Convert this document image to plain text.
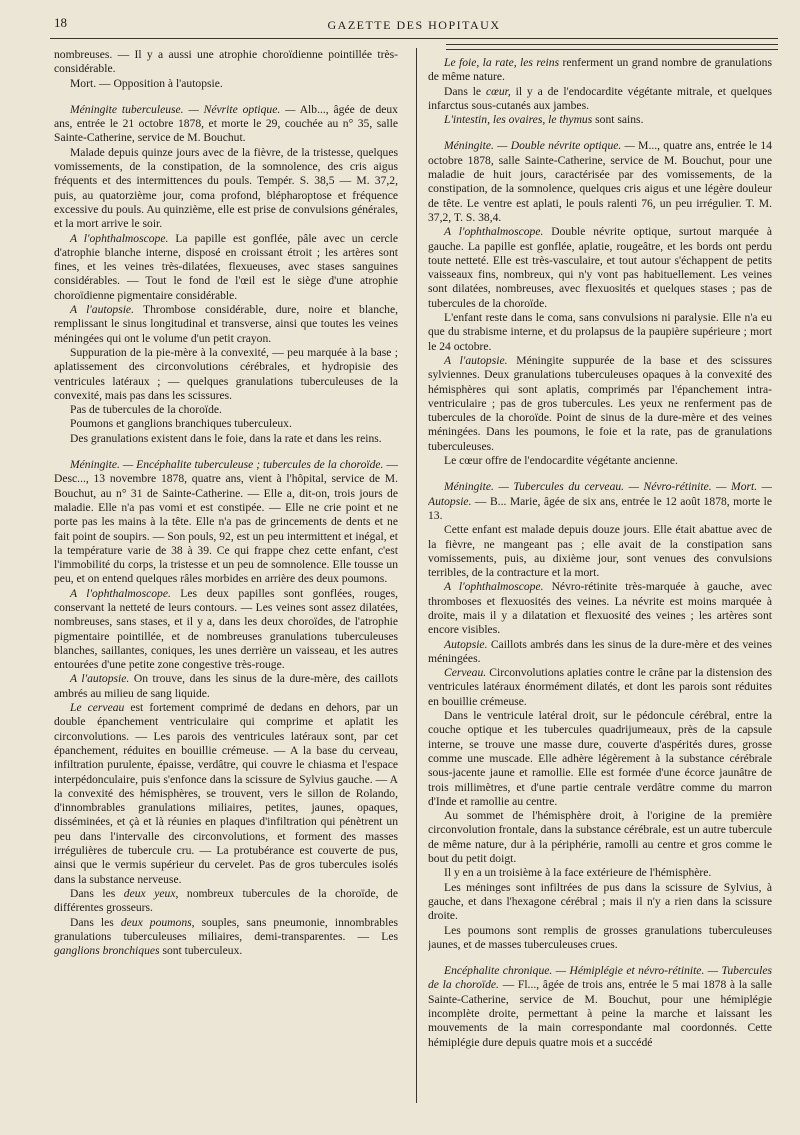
18	GAZETTE DES HOPITAUX

nombreuses. — Il y a aussi une atrophie choroïdienne pointillée très-considérable.

Mort. — Opposition à l'autopsie.

Méningite tuberculeuse. — Névrite optique. — Alb..., âgée de deux ans, entrée le 21 octobre 1878, et morte le 29, couchée au n° 35, salle Sainte-Catherine, service de M. Bouchut.

Malade depuis quinze jours avec de la fièvre, de la tristesse, quelques vomissements, de la constipation, de la somnolence, des cris aigus fréquents et des intermittences du pouls. Tempér. S. 38,5 — M. 37,2, puis, au quatorzième jour, coma profond, blépharoptose et fréquence excessive du pouls. Au quinzième, elle est prise de convulsions générales, et la mort arrive le soir.

A l'ophthalmoscope. La papille est gonflée, pâle avec un cercle d'atrophie blanche interne, disposé en croissant étroit ; les artères sont fines, et les veines très-dilatées, flexueuses, avec stases sanguines considérables. — Tout le fond de l'œil est le siège d'une atrophie choroïdienne pigmentaire considérable.

A l'autopsie. Thrombose considérable, dure, noire et blanche, remplissant le sinus longitudinal et transverse, ainsi que toutes les veines méningées qui ont le volume d'un petit crayon.

Suppuration de la pie-mère à la convexité, — peu marquée à la base ; aplatissement des circonvolutions cérébrales, et hydropisie des ventricules latéraux ; — quelques granulations tuberculeuses de la convexité, mais pas dans les scissures.

Pas de tubercules de la choroïde.

Poumons et ganglions branchiques tuberculeux.

Des granulations existent dans le foie, dans la rate et dans les reins.

Méningite. — Encéphalite tuberculeuse ; tubercules de la choroïde. — Desc..., 13 novembre 1878, quatre ans, vient à l'hôpital, service de M. Bouchut, au n° 31 de Sainte-Catherine. — Elle a, dit-on, trois jours de maladie. Elle n'a pas vomi et est constipée. — Elle ne crie point et ne porte pas les mains à la tête. Elle n'a pas de grincements de dents et ne fait point de soupirs. — Son pouls, 92, est un peu intermittent et inégal, et la température varie de 38 à 39. Ce qui frappe chez cette enfant, c'est l'immobilité du corps, la tristesse et un peu de somnolence. Elle tousse un peu, et on entend quelques râles morbides en arrière des deux poumons.

A l'ophthalmoscope. Les deux papilles sont gonflées, rouges, conservant la netteté de leurs contours. — Les veines sont assez dilatées, nombreuses, sans stases, et il y a, dans les deux choroïdes, de l'atrophie pigmentaire pointillée, et de nombreuses granulations tuberculeuses blanches, saillantes, coniques, les unes derrière un vaisseau, et les autres entourées d'une petite zone congestive très-rouge.

A l'autopsie. On trouve, dans les sinus de la dure-mère, des caillots ambrés au milieu de sang liquide.

Le cerveau est fortement comprimé de dedans en dehors, par un double épanchement ventriculaire qui comprime et aplatit les circonvolutions. — Les parois des ventricules latéraux sont, par cet épanchement, réduites en bouillie crémeuse. — A la base du cerveau, infiltration purulente, épaisse, verdâtre, qui couvre le chiasma et l'espace interpédonculaire, puis s'enfonce dans la scissure de Sylvius gauche. — A la convexité des hémisphères, se trouvent, vers le sillon de Rolando, d'innombrables granulations miliaires, petites, jaunes, opaques, disséminées, et çà et là réunies en plaques d'infiltration qui pénètrent un peu dans l'intervalle des circonvolutions, et forment des masses irrégulières de tubercule cru. — La protubérance est couverte de pus, ainsi que le vermis supérieur du cervelet. Pas de gros tubercules isolés dans la substance nerveuse.

Dans les deux yeux, nombreux tubercules de la choroïde, de différentes grosseurs.

Dans les deux poumons, souples, sans pneumonie, innombrables granulations tuberculeuses miliaires, demi-transparentes. — Les ganglions bronchiques sont tuberculeux.

Le foie, la rate, les reins renferment un grand nombre de granulations de même nature.

Dans le cœur, il y a de l'endocardite végétante mitrale, et quelques infarctus sous-cutanés aux jambes.

L'intestin, les ovaires, le thymus sont sains.

Méningite. — Double névrite optique. — M..., quatre ans, entrée le 14 octobre 1878, salle Sainte-Catherine, service de M. Bouchut, pour une maladie de huit jours, caractérisée par des vomissements, de la constipation, de la somnolence, quelques cris aigus et une légère douleur de tête. Le ventre est aplati, le pouls ralenti 76, un peu irrégulier. T. M. 37,2, T. S. 38,4.

A l'ophthalmoscope. Double névrite optique, surtout marquée à gauche. La papille est gonflée, aplatie, rougeâtre, et les bords ont perdu toute netteté. Elle est très-vasculaire, et tout autour s'échappent de petits vaisseaux fins, nombreux, qui n'y vont pas habituellement. Les veines sont dilatées, nombreuses, avec flexuosités et quelques stases ; pas de tubercules de la choroïde.

L'enfant reste dans le coma, sans convulsions ni paralysie. Elle n'a eu que du strabisme interne, et du prolapsus de la paupière supérieure ; mort le 24 octobre.

A l'autopsie. Méningite suppurée de la base et des scissures sylviennes. Deux granulations tuberculeuses opaques à la convexité des hémisphères qui sont aplatis, comprimés par l'épanchement intra-ventriculaire ; pas de gros tubercules. Les yeux ne renferment pas de tubercules de la choroïde. Point de sinus de la dure-mère et des veines méningées. Dans les poumons, le foie et la rate, pas de granulations tuberculeuses.

Le cœur offre de l'endocardite végétante ancienne.

Méningite. — Tubercules du cerveau. — Névro-rétinite. — Mort. — Autopsie. — B... Marie, âgée de six ans, entrée le 12 août 1878, morte le 13.

Cette enfant est malade depuis douze jours. Elle était abattue avec de la fièvre, ne mangeant pas ; elle avait de la constipation sans vomissements, puis, au dixième jour, sont venues des convulsions terribles, de la contracture et la mort.

A l'ophthalmoscope. Névro-rétinite très-marquée à gauche, avec thromboses et flexuosités des veines. La névrite est moins marquée à droite, mais il y a dilatation et flexuosité des veines ; les artères sont encore visibles.

Autopsie. Caillots ambrés dans les sinus de la dure-mère et des veines méningées.

Cerveau. Circonvolutions aplaties contre le crâne par la distension des ventricules latéraux énormément dilatés, et dont les parois sont réduites en bouillie crémeuse.

Dans le ventricule latéral droit, sur le pédoncule cérébral, entre la couche optique et les tubercules quadrijumeaux, près de la capsule interne, se trouve une masse dure, couverte d'aspérités dures, grosse comme une muscade. Elle adhère légèrement à la substance cérébrale sous-jacente jaune et ramollie. Elle est formée d'une écorce jaunâtre de trois millimètres, et d'une partie centrale verdâtre comme du marron d'Inde et ramollie au centre.

Au sommet de l'hémisphère droit, à l'origine de la première circonvolution frontale, dans la substance cérébrale, est un autre tubercule de même nature, dur à la périphérie, ramolli au centre et gros comme le bout du petit doigt.

Il y en a un troisième à la face extérieure de l'hémisphère.

Les méninges sont infiltrées de pus dans la scissure de Sylvius, à gauche, et dans l'hexagone cérébral ; mais il n'y a rien dans la scissure droite.

Les poumons sont remplis de grosses granulations tuberculeuses jaunes, et de masses tuberculeuses crues.

Encéphalite chronique. — Hémiplégie et névro-rétinite. — Tubercules de la choroïde. — Fl..., âgée de trois ans, entrée le 5 mai 1878 à la salle Sainte-Catherine, service de M. Bouchut, pour une hémiplégie incomplète droite, permettant à peine la marche et laissant les mouvements de la main correspondante mal coordonnés. Cette hémiplégie dure depuis quatre mois et a succédé
